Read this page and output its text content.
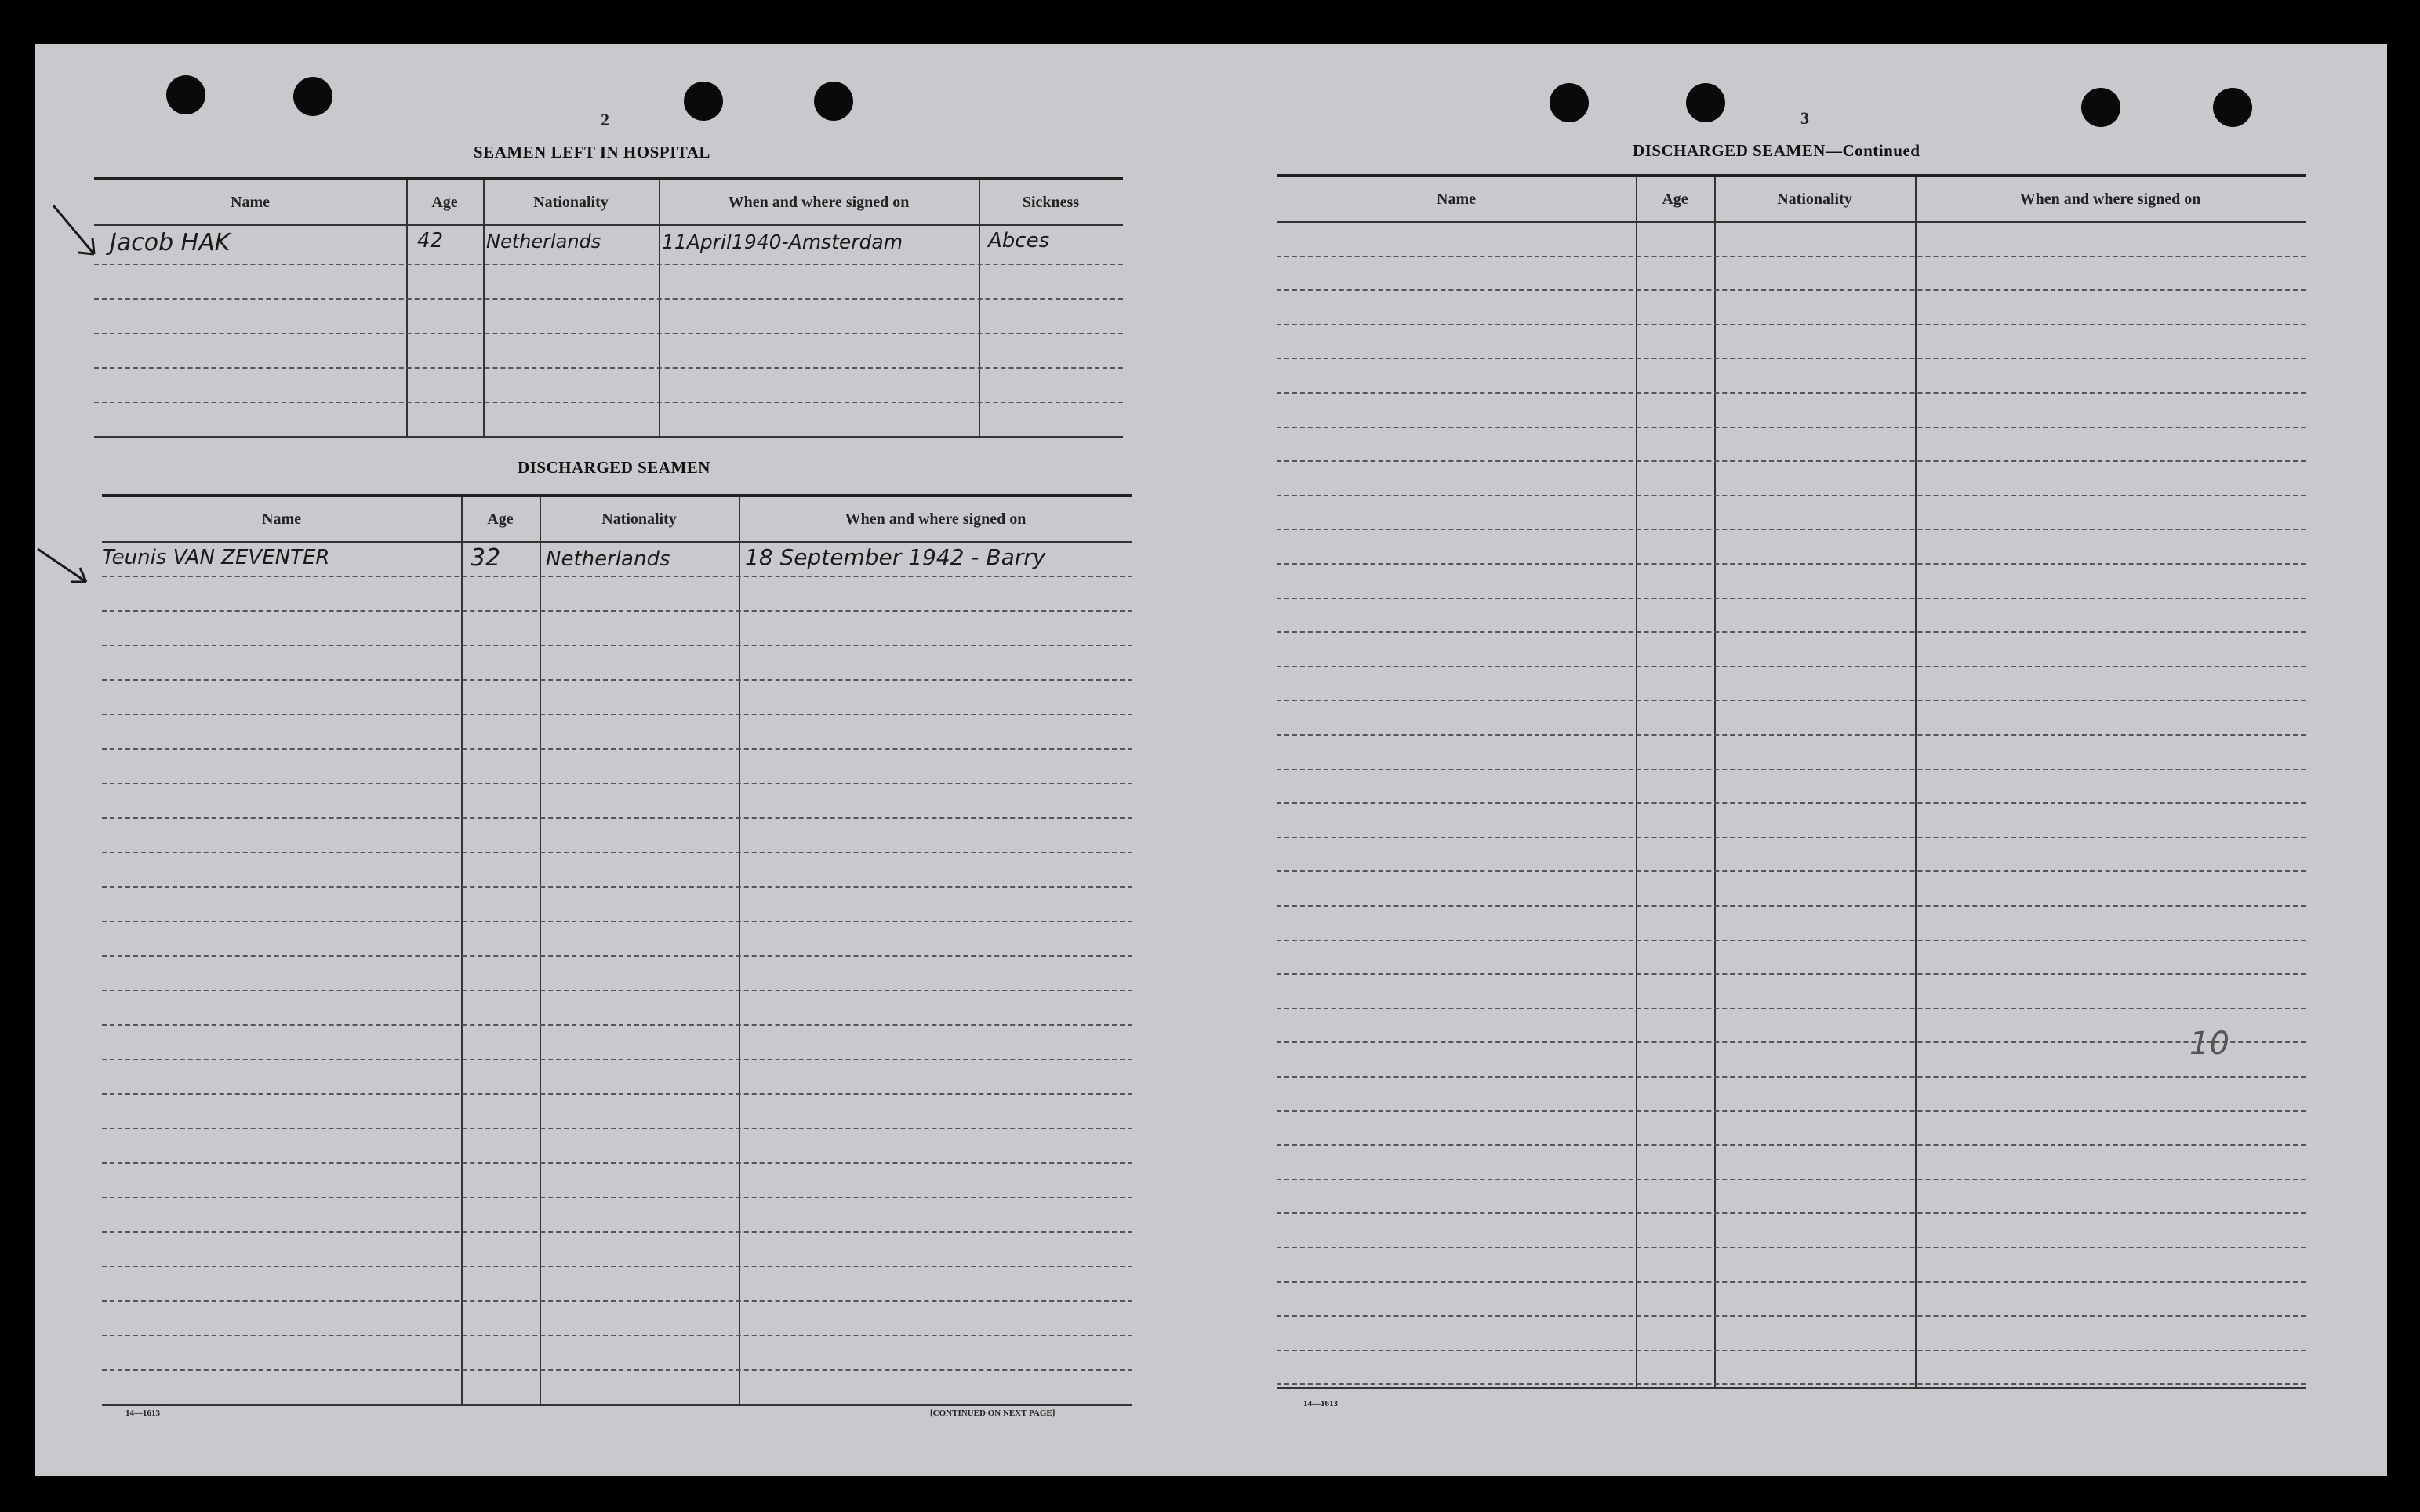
2
SEAMEN LEFT IN HOSPITAL
Name	Age	Nationality	When and where signed on	Sickness
Jacob HAK	42 Netherlands	11April1940-Amsterdam	Abces
DISCHARGED SEAMEN
Name	Age	Nationality	When and where signed on
Teunis VAN ZEVENTER	32 Netherlands	18 September 1942 - Barry
14—1613	[CONTINUED ON NEXT PAGE]
3
DISCHARGED SEAMEN—Continued
Name	Age	Nationality	When and where signed on
10
14—1613
